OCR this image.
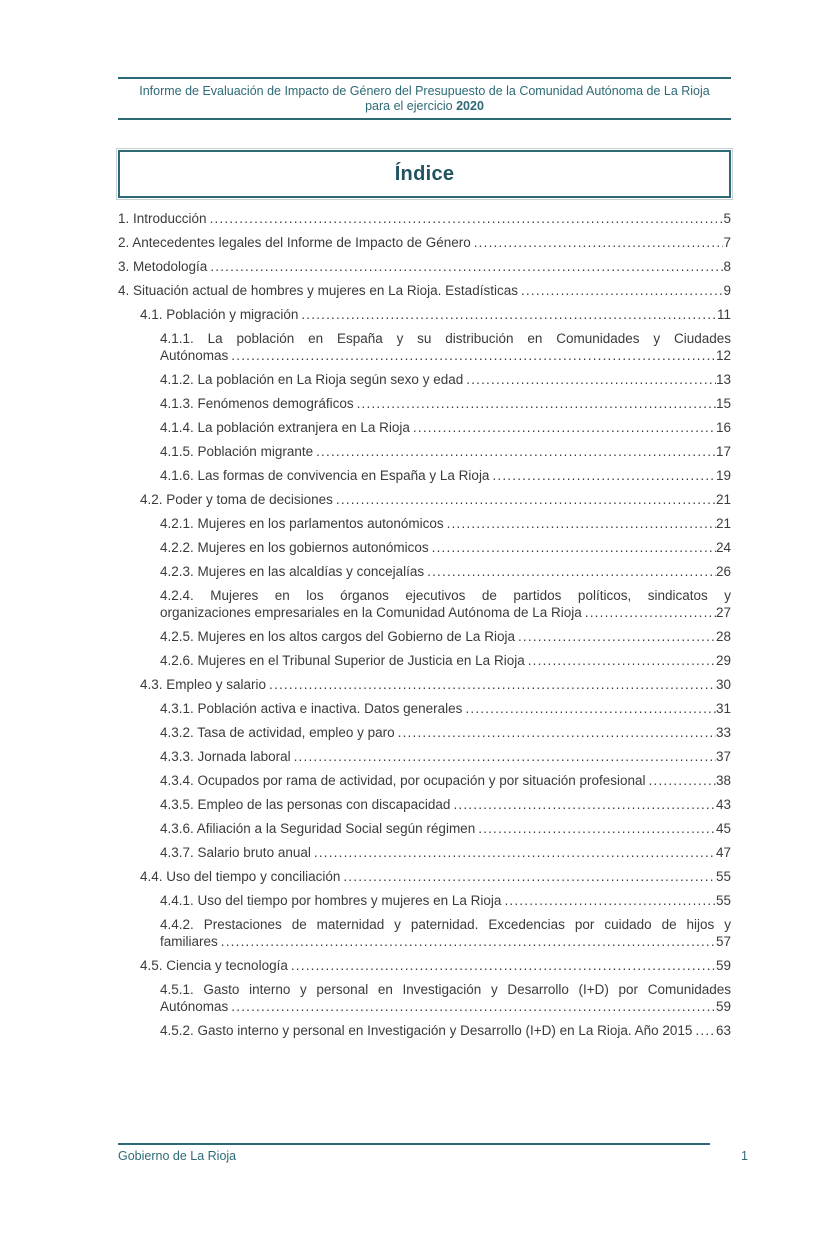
Informe de Evaluación de Impacto de Género del Presupuesto de la Comunidad Autónoma de La Rioja
para el ejercicio 2020
Índice
1. Introducción .....	5
2. Antecedentes legales del Informe de Impacto de Género .....	7
3. Metodología .....	8
4. Situación actual de hombres y mujeres en La Rioja. Estadísticas .....	9
4.1. Población y migración .....	11
4.1.1. La población en España y su distribución en Comunidades y Ciudades
Autónomas .....	12
4.1.2. La población en La Rioja según sexo y edad .....	13
4.1.3. Fenómenos demográficos .....	15
4.1.4. La población extranjera en La Rioja .....	16
4.1.5. Población migrante .....	17
4.1.6. Las formas de convivencia en España y La Rioja .....	19
4.2. Poder y toma de decisiones .....	21
4.2.1. Mujeres en los parlamentos autonómicos .....	21
4.2.2. Mujeres en los gobiernos autonómicos .....	24
4.2.3. Mujeres en las alcaldías y concejalías .....	26
4.2.4. Mujeres en los órganos ejecutivos de partidos políticos, sindicatos y
organizaciones empresariales en la Comunidad Autónoma de La Rioja .....	27
4.2.5. Mujeres en los altos cargos del Gobierno de La Rioja .....	28
4.2.6. Mujeres en el Tribunal Superior de Justicia en La Rioja .....	29
4.3. Empleo y salario .....	30
4.3.1. Población activa e inactiva. Datos generales .....	31
4.3.2. Tasa de actividad, empleo y paro .....	33
4.3.3. Jornada laboral .....	37
4.3.4. Ocupados por rama de actividad, por ocupación y por situación profesional .....	38
4.3.5. Empleo de las personas con discapacidad .....	43
4.3.6. Afiliación a la Seguridad Social según régimen .....	45
4.3.7. Salario bruto anual .....	47
4.4. Uso del tiempo y conciliación .....	55
4.4.1. Uso del tiempo por hombres y mujeres en La Rioja .....	55
4.4.2. Prestaciones de maternidad y paternidad. Excedencias por cuidado de hijos y
familiares .....	57
4.5. Ciencia y tecnología .....	59
4.5.1. Gasto interno y personal en Investigación y Desarrollo (I+D) por Comunidades
Autónomas .....	59
4.5.2. Gasto interno y personal en Investigación y Desarrollo (I+D) en La Rioja. Año 2015 ..... 63
Gobierno de La Rioja	1
